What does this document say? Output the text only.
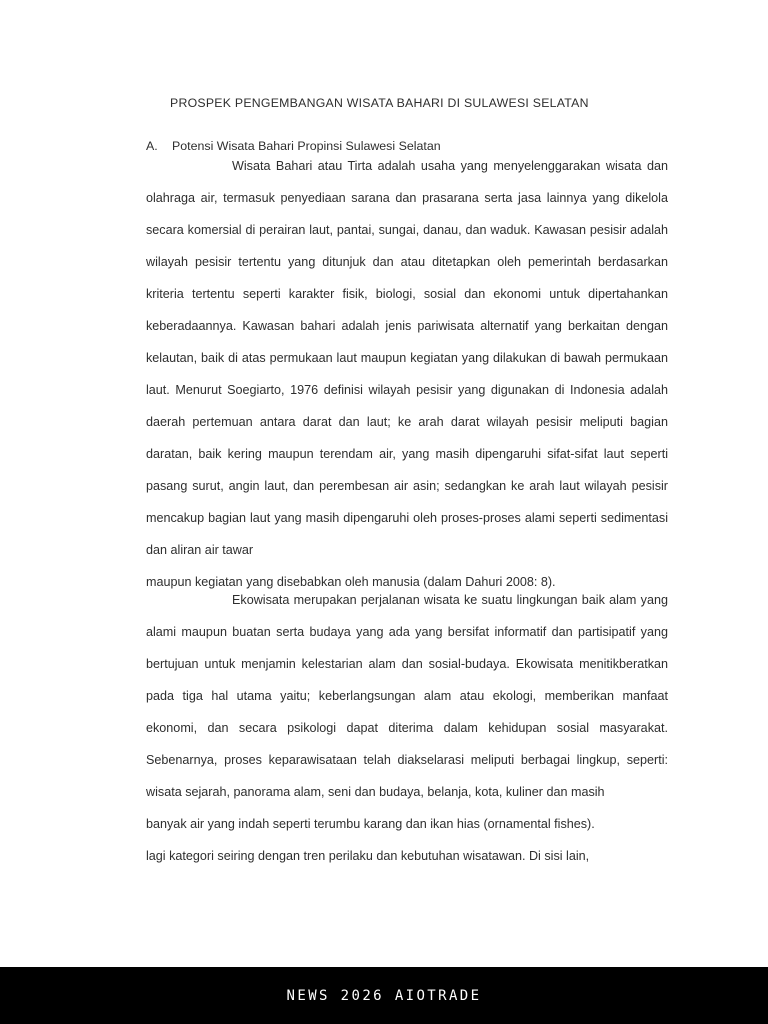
PROSPEK PENGEMBANGAN WISATA BAHARI DI SULAWESI SELATAN
A. Potensi Wisata Bahari Propinsi Sulawesi Selatan

Wisata Bahari atau Tirta adalah usaha yang menyelenggarakan wisata dan olahraga air, termasuk penyediaan sarana dan prasarana serta jasa lainnya yang dikelola secara komersial di perairan laut, pantai, sungai, danau, dan waduk. Kawasan pesisir adalah wilayah pesisir tertentu yang ditunjuk dan atau ditetapkan oleh pemerintah berdasarkan kriteria tertentu seperti karakter fisik, biologi, sosial dan ekonomi untuk dipertahankan keberadaannya. Kawasan bahari adalah jenis pariwisata alternatif yang berkaitan dengan kelautan, baik di atas permukaan laut maupun kegiatan yang dilakukan di bawah permukaan laut. Menurut Soegiarto, 1976 definisi wilayah pesisir yang digunakan di Indonesia adalah daerah pertemuan antara darat dan laut; ke arah darat wilayah pesisir meliputi bagian daratan, baik kering maupun terendam air, yang masih dipengaruhi sifat-sifat laut seperti pasang surut, angin laut, dan perembesan air asin; sedangkan ke arah laut wilayah pesisir mencakup bagian laut yang masih dipengaruhi oleh proses-proses alami seperti sedimentasi dan aliran air tawar

maupun kegiatan yang disebabkan oleh manusia (dalam Dahuri 2008: 8).

Ekowisata merupakan perjalanan wisata ke suatu lingkungan baik alam yang alami maupun buatan serta budaya yang ada yang bersifat informatif dan partisipatif yang bertujuan untuk menjamin kelestarian alam dan sosial-budaya. Ekowisata menitikberatkan pada tiga hal utama yaitu; keberlangsungan alam atau ekologi, memberikan manfaat ekonomi, dan secara psikologi dapat diterima dalam kehidupan sosial masyarakat. Sebenarnya, proses keparawisataan telah diakselarasi meliputi berbagai lingkup, seperti: wisata sejarah, panorama alam, seni dan budaya, belanja, kota, kuliner dan masih

banyak air yang indah seperti terumbu karang dan ikan hias (ornamental fishes).

lagi kategori seiring dengan tren perilaku dan kebutuhan wisatawan. Di sisi lain,

NEWS 2026 AIOTRADE
